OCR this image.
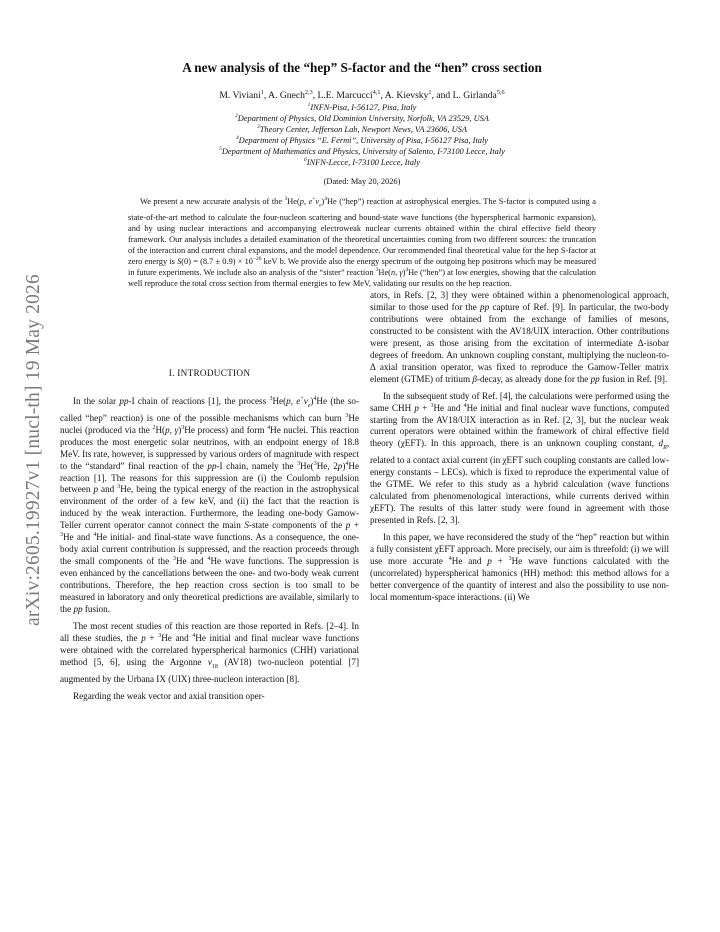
arXiv:2605.19927v1 [nucl-th] 19 May 2026
A new analysis of the “hep” S-factor and the “hen” cross section
M. Viviani$^1$, A. Gnech$^{2,3}$, L.E. Marcucci$^{4,1}$, A. Kievsky$^1$, and L. Girlanda$^{5,6}$
$^1$INFN-Pisa, I-56127, Pisa, Italy
$^2$Department of Physics, Old Dominion University, Norfolk, VA 23529, USA
$^3$Theory Center, Jefferson Lab, Newport News, VA 23606, USA
$^4$Department of Physics “E. Fermi”, University of Pisa, I-56127 Pisa, Italy
$^5$Department of Mathematics and Physics, University of Salento, I-73100 Lecce, Italy
$^6$INFN-Lecce, I-73100 Lecce, Italy
(Dated: May 20, 2026)

We present a new accurate analysis of the $^3$He(p, $e^+\nu_e)^4He$ (“hep”) reaction at astrophysical energies. The S-factor is computed using a state-of-the-art method to calculate the four-nucleon scattering and bound-state wave functions (the hyperspherical harmonic expansion), and by using nuclear interactions and accompanying electroweak nuclear currents obtained within the chiral effective field theory framework. Our analysis includes a detailed examination of the theoretical uncertainties coming from two different sources: the truncation of the interaction and current chiral expansions, and the model dependence. Our recommended final theoretical value for the hep S-factor at zero energy is $S(0) = (8.7 \pm 0.9) \times 10^{-20}$ keV b. We provide also the energy spectrum of the outgoing hep positrons which may be measured in future experiments. We include also an analysis of the “sister” reaction $^3$He(n, γ)$^4$He (“hen”) at low energies, showing that the calculation well reproduce the total cross section from thermal energies to few MeV, validating our results on the hep reaction.

I. INTRODUCTION

In the solar pp-I chain of reactions [1], the process $^3$He(p, $e^+\nu_e)^4He$ (the so-called “hep” reaction) is one of the possible mechanisms which can burn $^3$He nuclei (produced via the $^2$H(p, γ)$^3$He process) and form $^4$He nuclei. This reaction produces the most energetic solar neutrinos, with an endpoint energy of 18.8 MeV. Its rate, however, is suppressed by various orders of magnitude with respect to the “standard” final reaction of the pp-I chain, namely the $^3$He($^3$He, 2p)$^4$He reaction [1]. The reasons for this suppression are (i) the Coulomb repulsion between p and $^3$He, being the typical energy of the reaction in the astrophysical environment of the order of a few keV, and (ii) the fact that the reaction is induced by the weak interaction. Furthermore, the leading one-body Gamow-Teller current operator cannot connect the main S-state components of the p + $^3$He and $^4$He initial- and final-state wave functions. As a consequence, the one-body axial current contribution is suppressed, and the reaction proceeds through the small components of the $^3$He and $^4$He wave functions. The suppression is even enhanced by the cancellations between the one- and two-body weak current contributions. Therefore, the hep reaction cross section is too small to be measured in laboratory and only theoretical predictions are available, similarly to the pp fusion.

The most recent studies of this reaction are those reported in Refs. [2–4]. In all these studies, the p + $^3$He and $^4$He initial and final nuclear wave functions were obtained with the correlated hyperspherical harmonics (CHH) variational method [5, 6], using the Argonne $v_{18}$ (AV18) two-nucleon potential [7] augmented by the Urbana IX (UIX) three-nucleon interaction [8].

Regarding the weak vector and axial transition oper-

ators, in Refs. [2, 3] they were obtained within a phenomenological approach, similar to those used for the pp capture of Ref. [9]. In particular, the two-body contributions were obtained from the exchange of families of mesons, constructed to be consistent with the AV18/UIX interaction. Other contributions were present, as those arising from the excitation of intermediate Δ-isobar degrees of freedom. An unknown coupling constant, multiplying the nucleon-to-Δ axial transition operator, was fixed to reproduce the Gamow-Teller matrix element (GTME) of tritium β-decay, as already done for the pp fusion in Ref. [9].

In the subsequent study of Ref. [4], the calculations were performed using the same CHH p + $^3$He and $^4$He initial and final nuclear wave functions, computed starting from the AV18/UIX interaction as in Ref. [2, 3], but the nuclear weak current operators were obtained within the framework of chiral effective field theory (χEFT). In this approach, there is an unknown coupling constant, $d_R$, related to a contact axial current (in χEFT such coupling constants are called low-energy constants – LECs). which is fixed to reproduce the experimental value of the GTME. We refer to this study as a hybrid calculation (wave functions calculated from phenomenological interactions, while currents derived within χEFT). The results of this latter study were found in agreement with those presented in Refs. [2, 3].

In this paper, we have reconsidered the study of the “hep” reaction but within a fully consistent χEFT approach. More precisely, our aim is threefold: (i) we will use more accurate $^4$He and p + $^3$He wave functions calculated with the (uncorrelated) hyperspherical hamonics (HH) method: this method allows for a better convergence of the quantity of interest and also the possibility to use non-local momentum-space interactions. (ii) We
